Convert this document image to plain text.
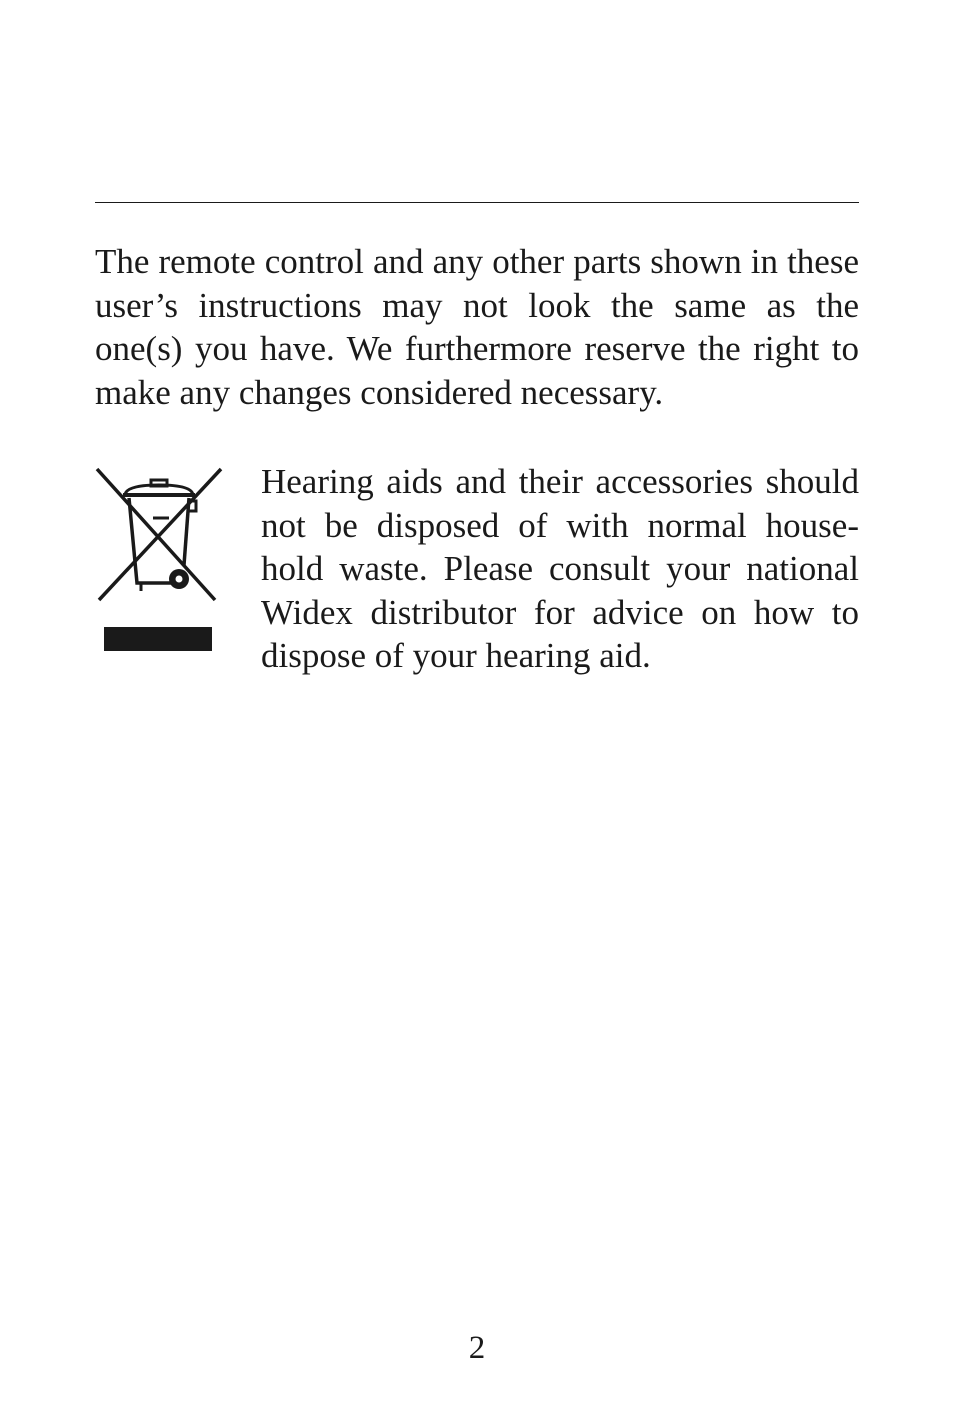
The remote control and any other parts shown in these user’s instructions may not look the same as the one(s) you have. We furthermore reserve the right to make any changes considered necessary.

Hearing aids and their accessories should not be disposed of with normal house-hold waste. Please consult your national Widex distributor for advice on how to dispose of your hearing aid.

2
